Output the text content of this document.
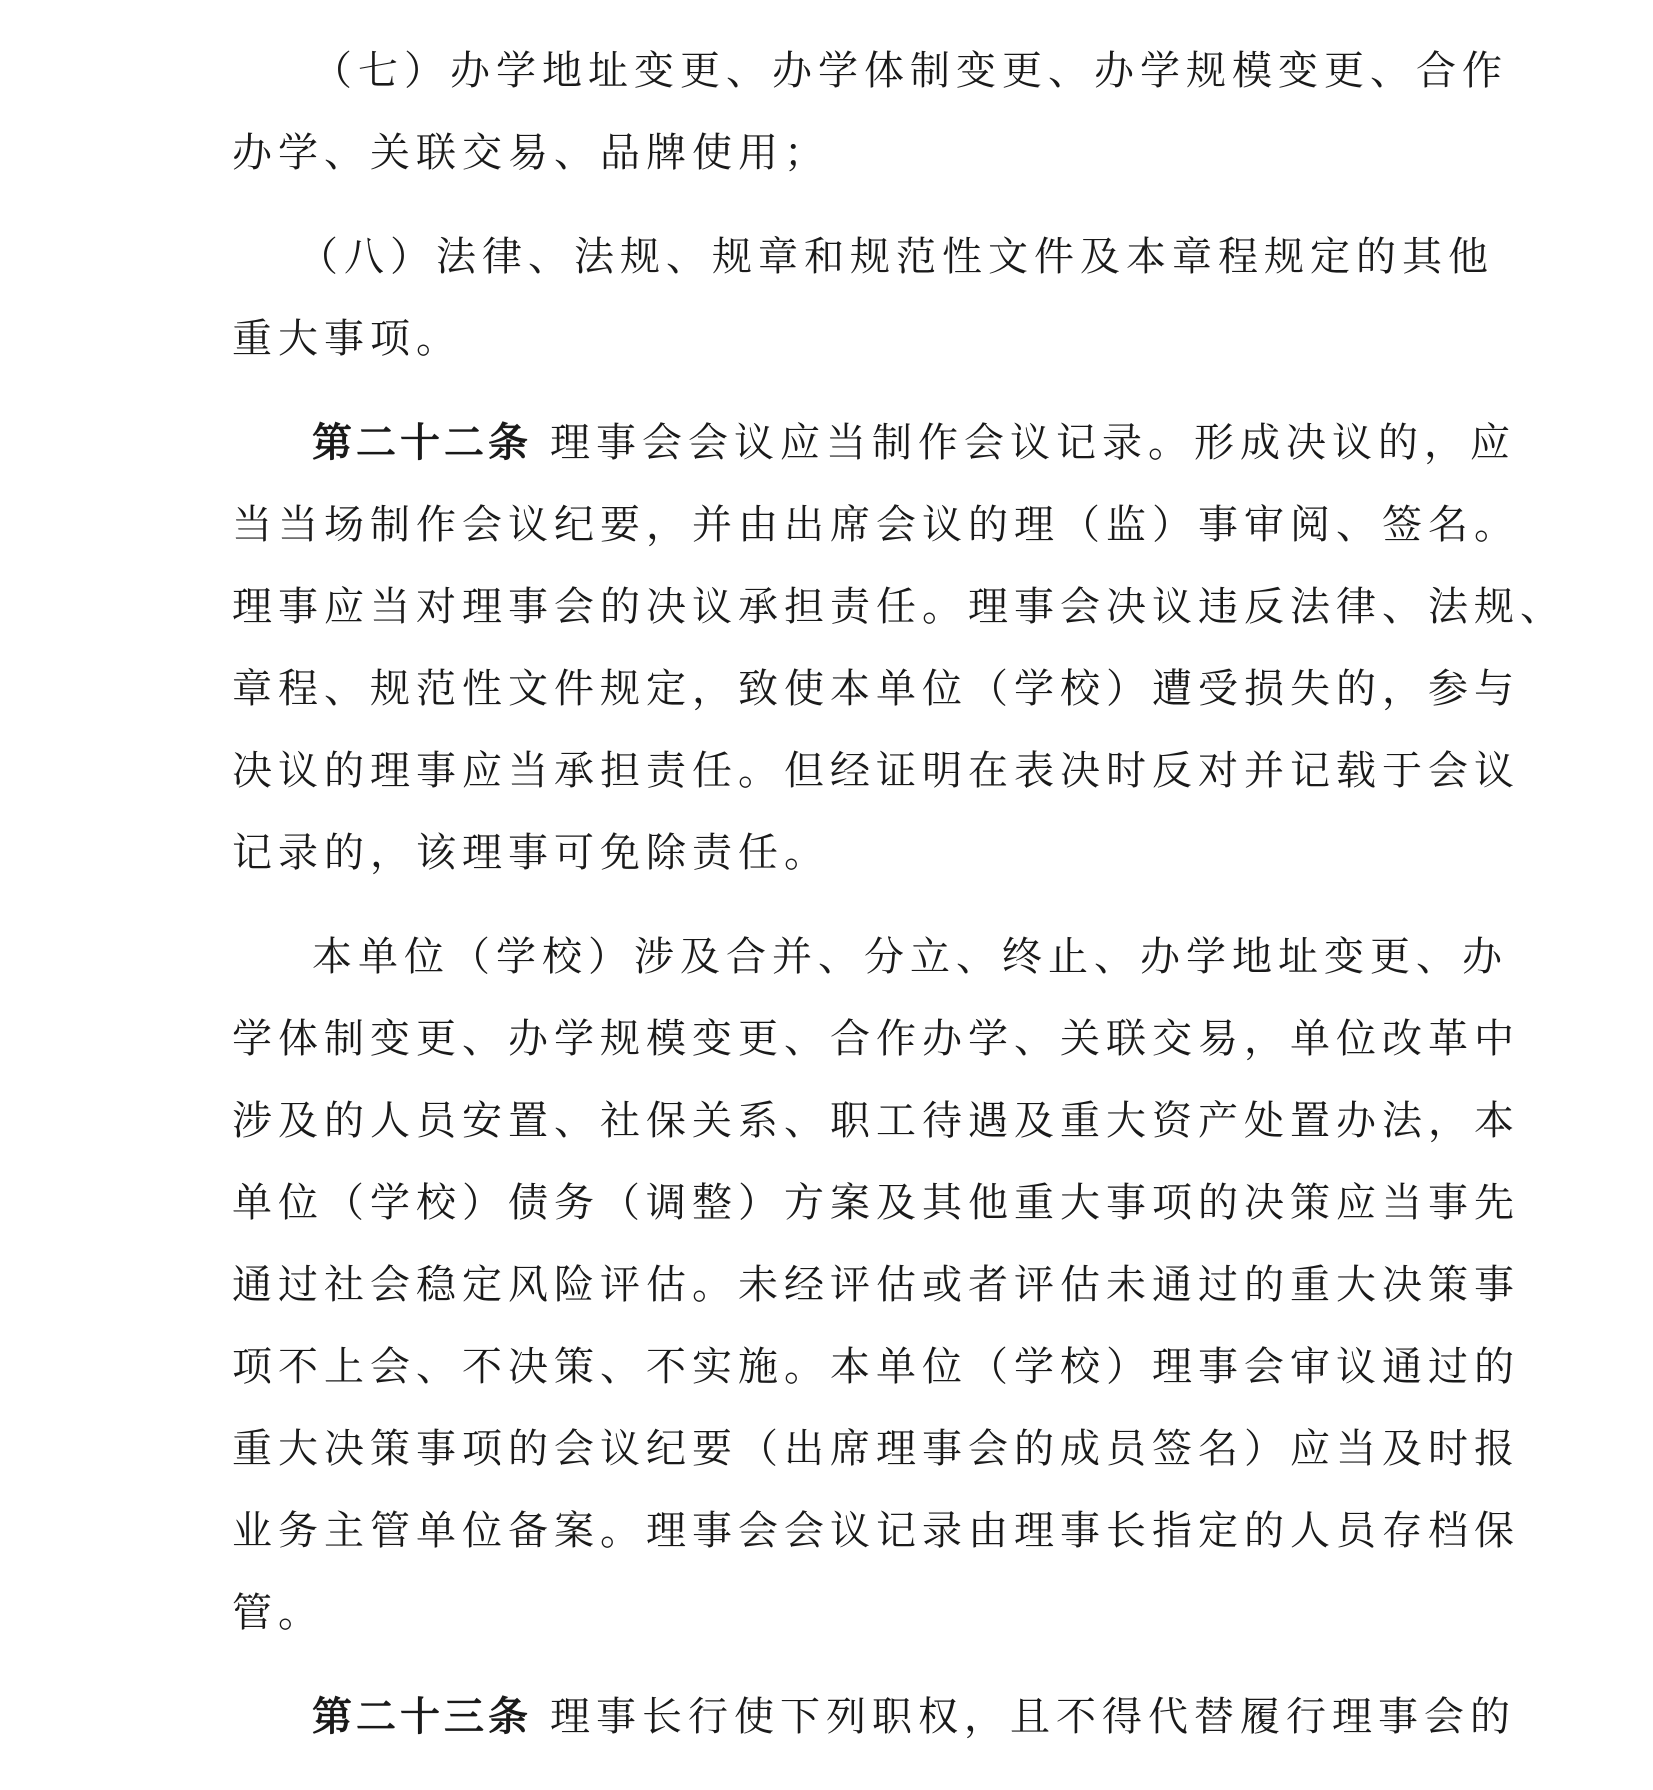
（七）办学地址变更、办学体制变更、办学规模变更、合作
办学、关联交易、品牌使用；
（八）法律、法规、规章和规范性文件及本章程规定的其他
重大事项。
第二十二条 理事会会议应当制作会议记录。形成决议的，应
当当场制作会议纪要，并由出席会议的理（监）事审阅、签名。
理事应当对理事会的决议承担责任。理事会决议违反法律、法规、
章程、规范性文件规定，致使本单位（学校）遭受损失的，参与
决议的理事应当承担责任。但经证明在表决时反对并记载于会议
记录的，该理事可免除责任。
本单位（学校）涉及合并、分立、终止、办学地址变更、办
学体制变更、办学规模变更、合作办学、关联交易，单位改革中
涉及的人员安置、社保关系、职工待遇及重大资产处置办法，本
单位（学校）债务（调整）方案及其他重大事项的决策应当事先
通过社会稳定风险评估。未经评估或者评估未通过的重大决策事
项不上会、不决策、不实施。本单位（学校）理事会审议通过的
重大决策事项的会议纪要（出席理事会的成员签名）应当及时报
业务主管单位备案。理事会会议记录由理事长指定的人员存档保
管。
第二十三条 理事长行使下列职权，且不得代替履行理事会的
